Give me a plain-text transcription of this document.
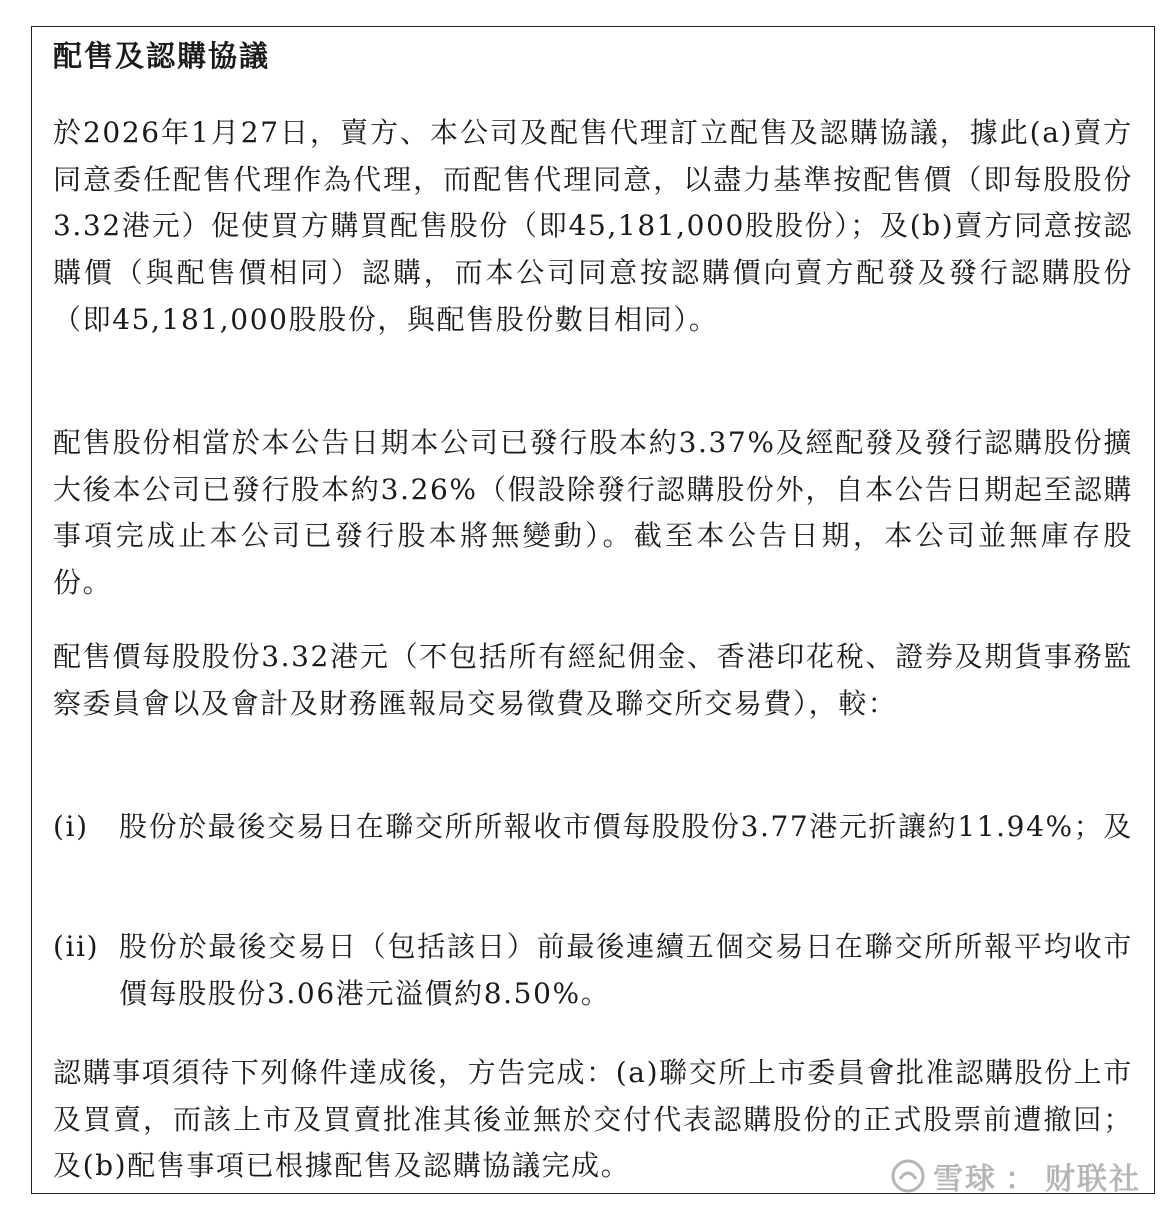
配售及認購協議

於2026年1月27日，賣方、本公司及配售代理訂立配售及認購協議，據此(a)賣方同意委任配售代理作為代理，而配售代理同意，以盡力基準按配售價（即每股股份3.32港元）促使買方購買配售股份（即45,181,000股股份）；及(b)賣方同意按認購價（與配售價相同）認購，而本公司同意按認購價向賣方配發及發行認購股份（即45,181,000股股份，與配售股份數目相同）。

配售股份相當於本公告日期本公司已發行股本約3.37%及經配發及發行認購股份擴大後本公司已發行股本約3.26%（假設除發行認購股份外，自本公告日期起至認購事項完成止本公司已發行股本將無變動）。截至本公告日期，本公司並無庫存股份。

配售價每股股份3.32港元（不包括所有經紀佣金、香港印花稅、證券及期貨事務監察委員會以及會計及財務匯報局交易徵費及聯交所交易費），較：

(i) 股份於最後交易日在聯交所所報收市價每股股份3.77港元折讓約11.94%；及
(ii) 股份於最後交易日（包括該日）前最後連續五個交易日在聯交所所報平均收市價每股股份3.06港元溢價約8.50%。

認購事項須待下列條件達成後，方告完成：(a)聯交所上市委員會批准認購股份上市及買賣，而該上市及買賣批准其後並無於交付代表認購股份的正式股票前遭撤回；及(b)配售事項已根據配售及認購協議完成。	雪球 ： 财联社
